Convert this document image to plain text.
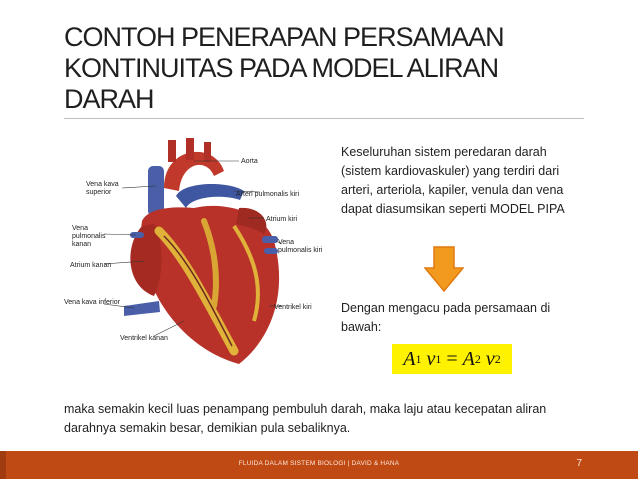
CONTOH PENERAPAN PERSAMAAN KONTINUITAS PADA MODEL ALIRAN DARAH
Aorta
Vena kava
superior	Arteri pulmonalis kiri
Atrium kiri
Vena
pulmonalis kiri
Vena
pulmonalis
kanan
Atrium kanan
Vena kava inferior
Ventrikel kiri
Ventrikel kanan

Keseluruhan sistem peredaran darah (sistem kardiovaskuler) yang terdiri dari arteri, arteriola, kapiler, venula dan vena dapat diasumsikan seperti MODEL PIPA

Dengan mengacu pada persamaan di bawah:

A 1
v 1
=
A 2
v 2

maka semakin kecil luas penampang pembuluh darah, maka laju atau kecepatan aliran darahnya semakin besar, demikian pula sebaliknya.

FLUIDA DALAM SISTEM BIOLOGI | DAVID & HANA	7
